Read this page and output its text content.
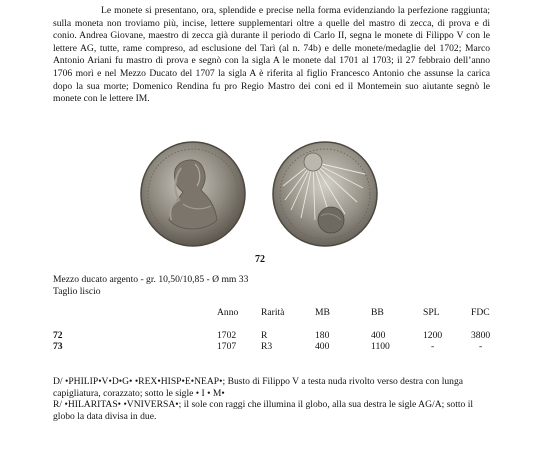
Le monete si presentano, ora, splendide e precise nella forma evidenziando la perfezione raggiunta; sulla moneta non troviamo più, incise, lettere supplementari oltre a quelle del mastro di zecca, di prova e di conio. Andrea Giovane, maestro di zecca già durante il periodo di Carlo II, segna le monete di Filippo V con le lettere AG, tutte, rame compreso, ad esclusione del Tarì (al n. 74b) e delle monete/medaglie del 1702; Marco Antonio Ariani fu mastro di prova e segnò con la sigla A le monete dal 1701 al 1703; il 27 febbraio dell’anno 1706 morì e nel Mezzo Ducato del 1707 la sigla A è riferita al figlio Francesco Antonio che assunse la carica dopo la sua morte; Domenico Rendina fu pro Regio Mastro dei coni ed il Montemein suo aiutante segnò le monete con le lettere IM.

72
Mezzo ducato argento - gr. 10,50/10,85 - Ø mm 33
Taglio liscio
	Anno	Rarità	MB	BB	SPL	FDC
72	1702	R	180	400	1200	3800
73	1707	R3	400	1100	-	-

D/ •PHILIP•V•D•G• •REX•HISP•E•NEAP•; Busto di Filippo V a testa nuda rivolto verso destra con lunga capigliatura, corazzato; sotto le sigle • I • M•
R/ •HILARITAS• •VNIVERSA•; il sole con raggi che illumina il globo, alla sua destra le sigle AG/A; sotto il globo la data divisa in due.
